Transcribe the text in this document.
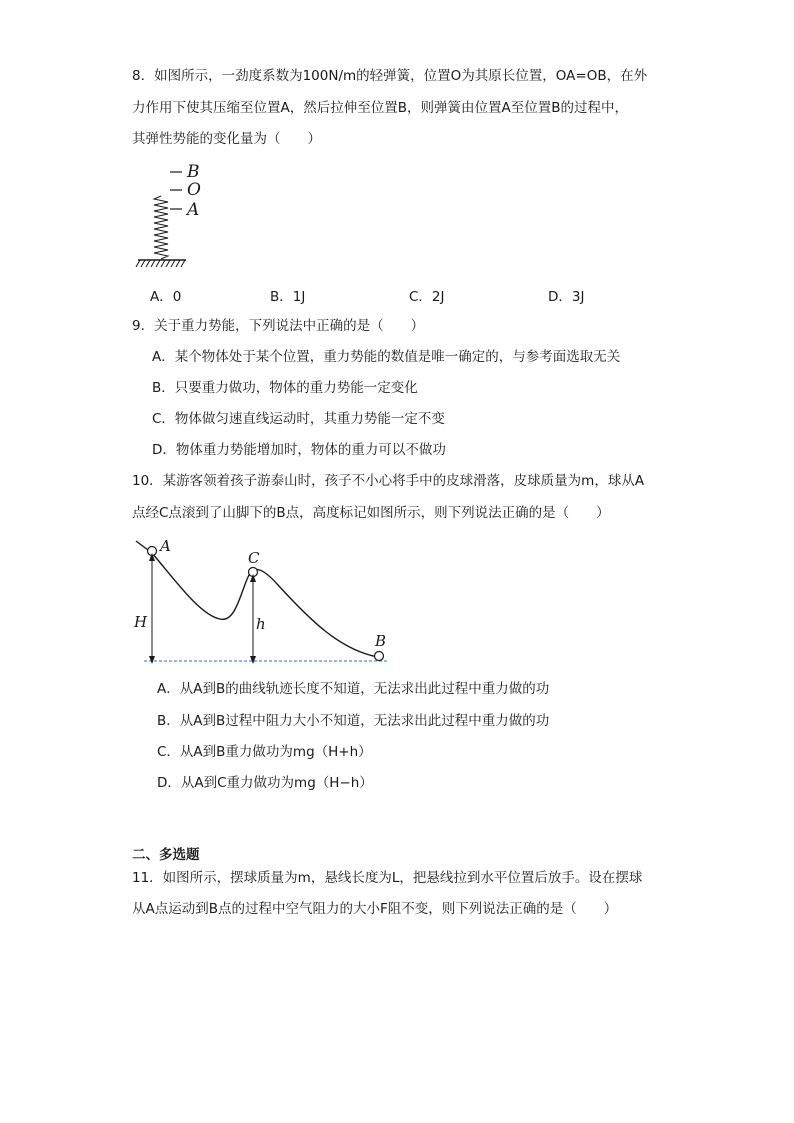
8．如图所示，一劲度系数为100N/m的轻弹簧，位置O为其原长位置，OA=OB，在外
力作用下使其压缩至位置A，然后拉伸至位置B，则弹簧由位置A至位置B的过程中，
其弹性势能的变化量为（　　）
B
O
A
A．0	B．1J	C．2J	D．3J
9．关于重力势能，下列说法中正确的是（　　）
A．某个物体处于某个位置，重力势能的数值是唯一确定的，与参考面选取无关
B．只要重力做功，物体的重力势能一定变化
C．物体做匀速直线运动时，其重力势能一定不变
D．物体重力势能增加时，物体的重力可以不做功
10．某游客领着孩子游泰山时，孩子不小心将手中的皮球滑落，皮球质量为m，球从A
点经C点滚到了山脚下的B点，高度标记如图所示，则下列说法正确的是（　　）
A
C
B
H	h
A．从A到B的曲线轨迹长度不知道，无法求出此过程中重力做的功
B．从A到B过程中阻力大小不知道，无法求出此过程中重力做的功
C．从A到B重力做功为mg（H+h）
D．从A到C重力做功为mg（H−h）
二、多选题
11．如图所示，摆球质量为m，悬线长度为L，把悬线拉到水平位置后放手。设在摆球
从A点运动到B点的过程中空气阻力的大小F阻不变，则下列说法正确的是（　　）
